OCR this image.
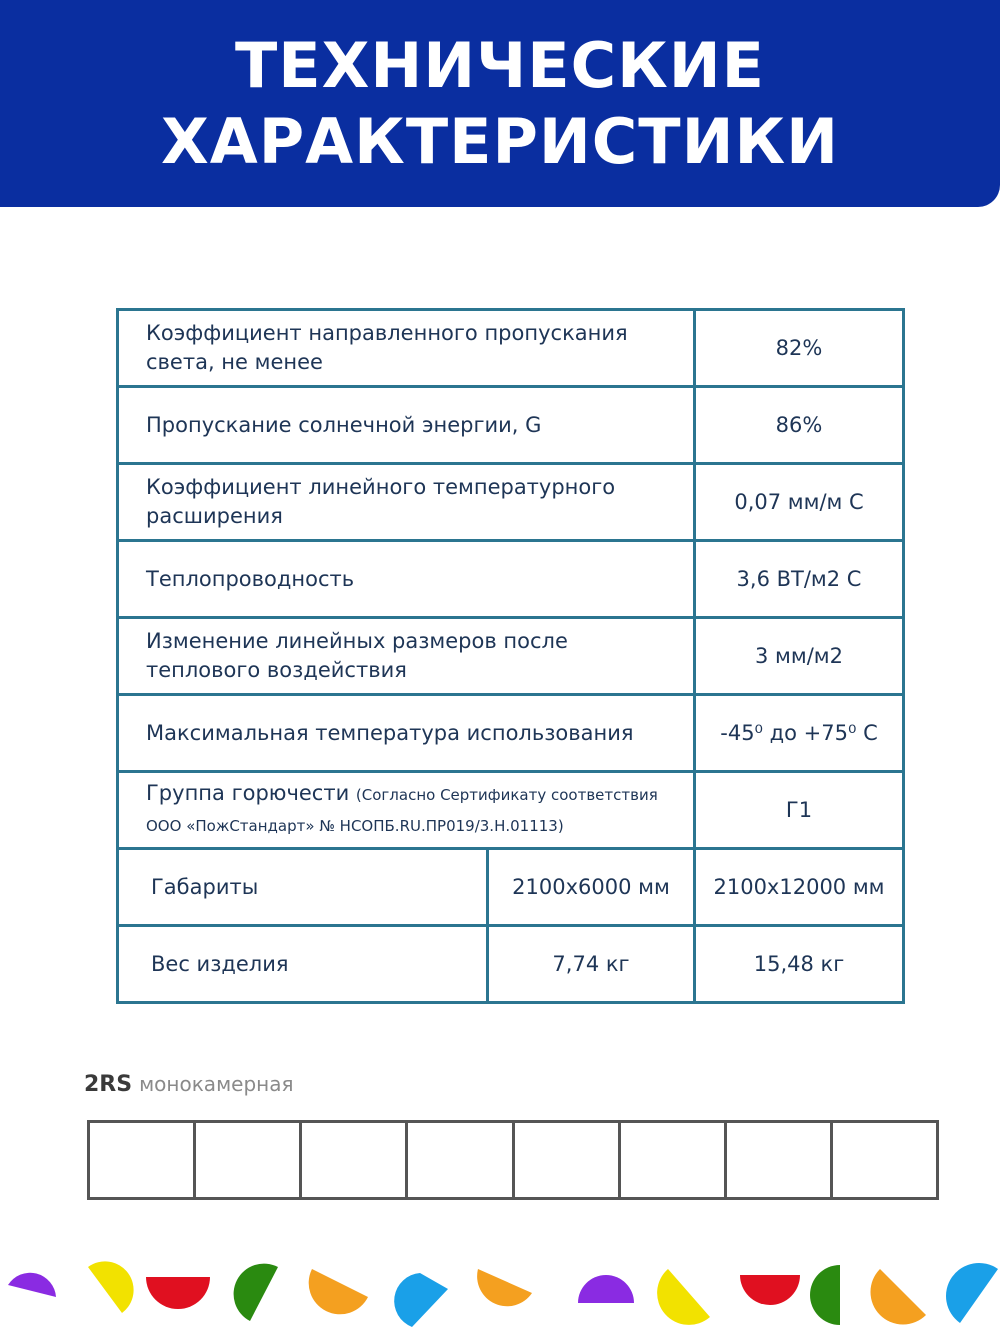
ТЕХНИЧЕСКИЕ
ХАРАКТЕРИСТИКИ
Коэффициент направленного пропускания света, не менее		82%
Пропускание солнечной энергии, G		86%
Коэффициент линейного температурного расширения		0,07 мм/м С
Теплопроводность		3,6 ВТ/м2 С
Изменение линейных размеров после теплового воздействия		3 мм/м2
Максимальная температура использования		-45⁰ до +75⁰ С
Группа горючести (Согласно Сертификату соответствия ООО «ПожСтандарт» № НСОПБ.RU.ПР019/3.Н.01113)		Г1
Габариты	2100х6000 мм	2100х12000 мм
Вес изделия	7,74 кг	15,48 кг
2RS монокамерная
